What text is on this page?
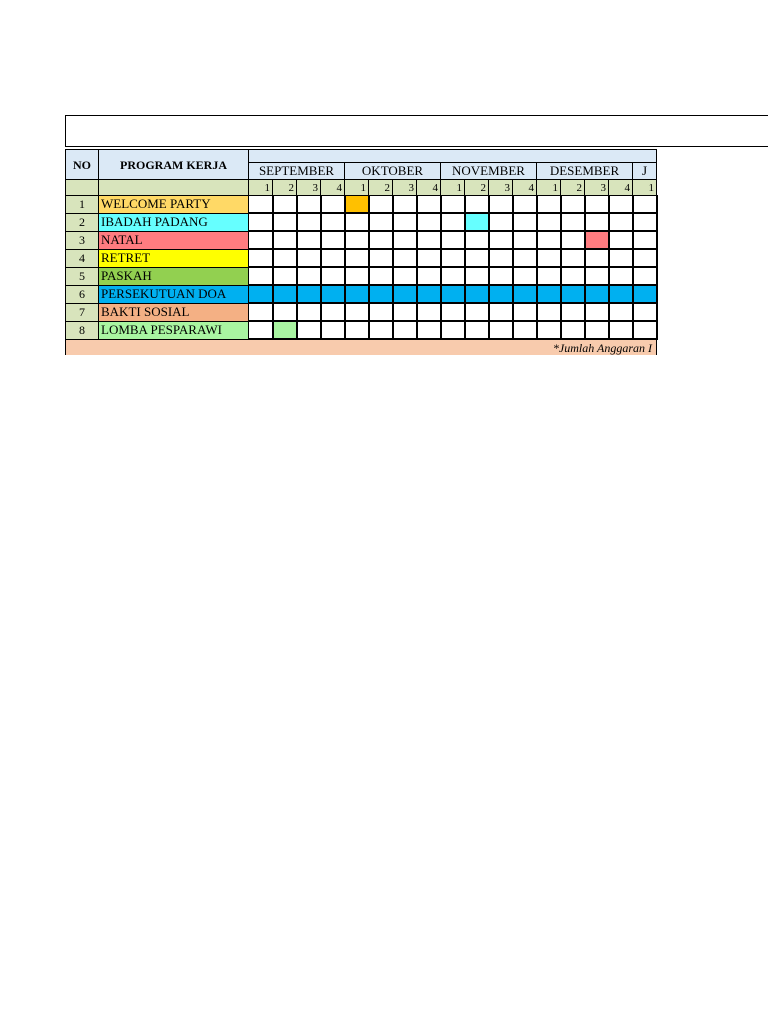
NO	PROGRAM KERJA																	
		SEPTEMBER				OKTOBER				NOVEMBER				DESEMBER				J
		1	2	3	4	1	2	3	4	1	2	3	4	1	2	3	4	1
1	WELCOME PARTY																	
2	IBADAH PADANG																	
3	NATAL																	
4	RETRET																	
5	PASKAH																	
6	PERSEKUTUAN DOA																	
7	BAKTI SOSIAL																	
8	LOMBA PESPARAWI																	
*Jumlah Anggaran I																		
